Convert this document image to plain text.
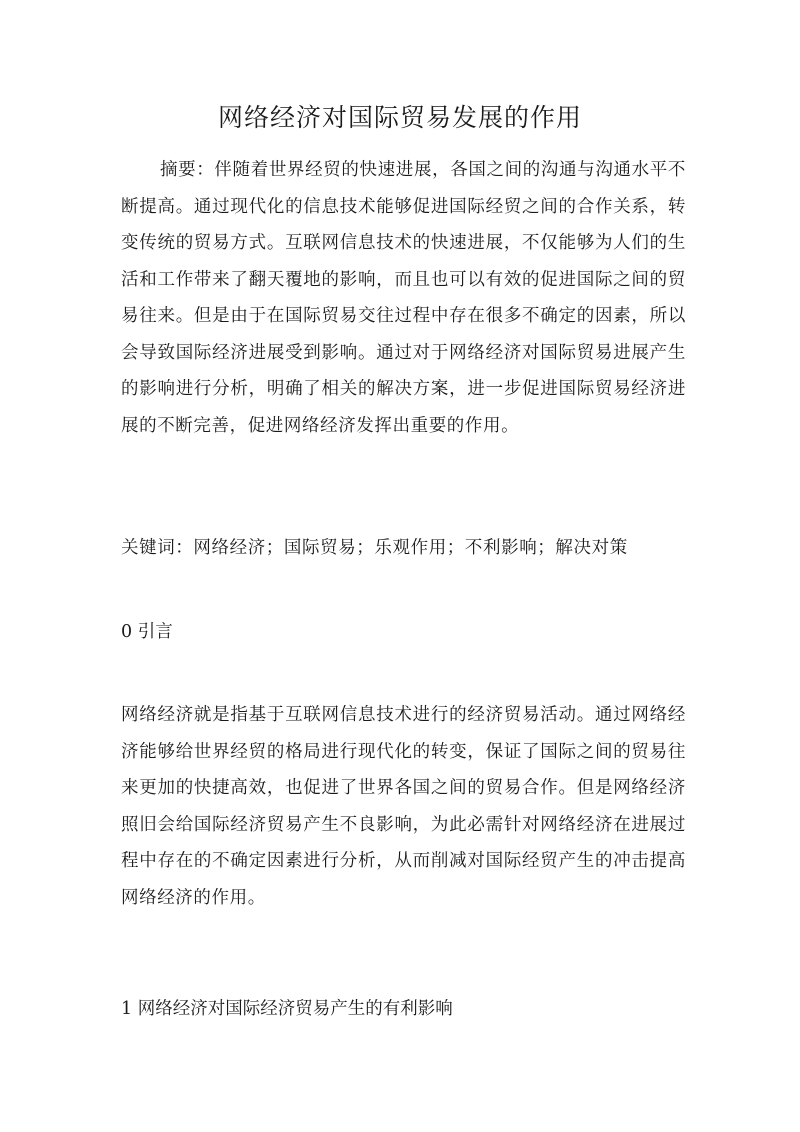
网络经济对国际贸易发展的作用

摘要：伴随着世界经贸的快速进展，各国之间的沟通与沟通水平不断提高。通过现代化的信息技术能够促进国际经贸之间的合作关系，转变传统的贸易方式。互联网信息技术的快速进展，不仅能够为人们的生活和工作带来了翻天覆地的影响，而且也可以有效的促进国际之间的贸易往来。但是由于在国际贸易交往过程中存在很多不确定的因素，所以会导致国际经济进展受到影响。通过对于网络经济对国际贸易进展产生的影响进行分析，明确了相关的解决方案，进一步促进国际贸易经济进展的不断完善，促进网络经济发挥出重要的作用。

关键词：网络经济；国际贸易；乐观作用；不利影响；解决对策

0 引言

网络经济就是指基于互联网信息技术进行的经济贸易活动。通过网络经济能够给世界经贸的格局进行现代化的转变，保证了国际之间的贸易往来更加的快捷高效，也促进了世界各国之间的贸易合作。但是网络经济照旧会给国际经济贸易产生不良影响，为此必需针对网络经济在进展过程中存在的不确定因素进行分析，从而削减对国际经贸产生的冲击提高网络经济的作用。

1 网络经济对国际经济贸易产生的有利影响
